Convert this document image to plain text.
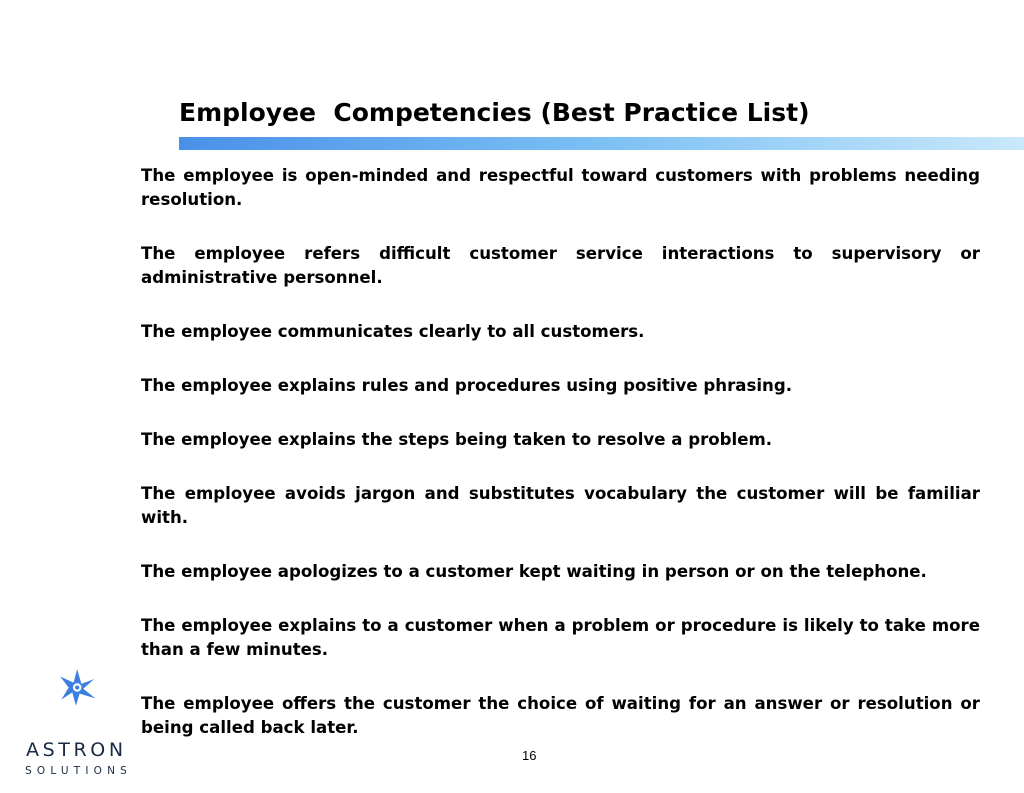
Employee  Competencies (Best Practice List)

The employee is open-minded and respectful toward customers with problems needing resolution.

The employee refers difficult customer service interactions to supervisory or administrative personnel.

The employee communicates clearly to all customers.

The employee explains rules and procedures using positive phrasing.

The employee explains the steps being taken to resolve a problem.

The employee avoids jargon and substitutes vocabulary the customer will be familiar with.

The employee apologizes to a customer kept waiting in person or on the telephone.

The employee explains to a customer when a problem or procedure is likely to take more than a few minutes.

The employee offers the customer the choice of waiting for an answer or resolution or being called back later.

ASTRON
SOLUTIONS
16
